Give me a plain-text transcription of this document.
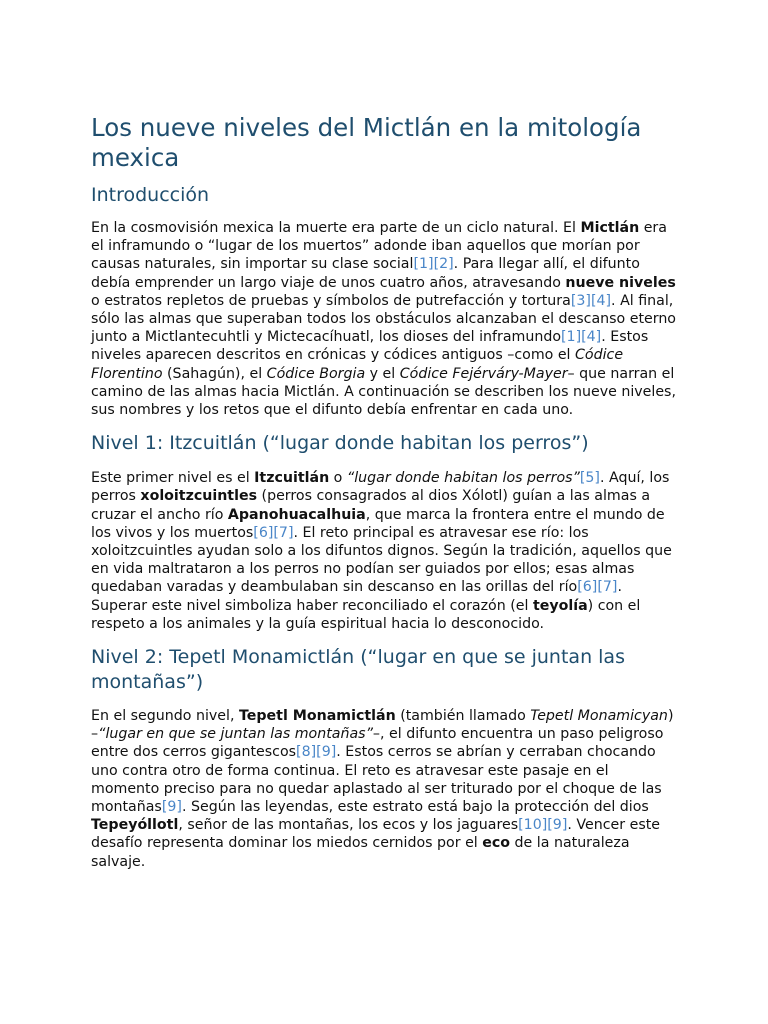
Los nueve niveles del Mictlán en la mitología mexica
Introducción

En la cosmovisión mexica la muerte era parte de un ciclo natural. El Mictlán era el inframundo o “lugar de los muertos” adonde iban aquellos que morían por causas naturales, sin importar su clase social[1][2]. Para llegar allí, el difunto debía emprender un largo viaje de unos cuatro años, atravesando nueve niveles o estratos repletos de pruebas y símbolos de putrefacción y tortura[3][4]. Al final, sólo las almas que superaban todos los obstáculos alcanzaban el descanso eterno junto a Mictlantecuhtli y Mictecacíhuatl, los dioses del inframundo[1][4]. Estos niveles aparecen descritos en crónicas y códices antiguos –como el Códice Florentino (Sahagún), el Códice Borgia y el Códice Fejérváry-Mayer– que narran el camino de las almas hacia Mictlán. A continuación se describen los nueve niveles, sus nombres y los retos que el difunto debía enfrentar en cada uno.

Nivel 1: Itzcuitlán (“lugar donde habitan los perros”)

Este primer nivel es el Itzcuitlán o “lugar donde habitan los perros”[5]. Aquí, los perros xoloitzcuintles (perros consagrados al dios Xólotl) guían a las almas a cruzar el ancho río Apanohuacalhuia, que marca la frontera entre el mundo de los vivos y los muertos[6][7]. El reto principal es atravesar ese río: los xoloitzcuintles ayudan solo a los difuntos dignos. Según la tradición, aquellos que en vida maltrataron a los perros no podían ser guiados por ellos; esas almas quedaban varadas y deambulaban sin descanso en las orillas del río[6][7]. Superar este nivel simboliza haber reconciliado el corazón (el teyolía) con el respeto a los animales y la guía espiritual hacia lo desconocido.

Nivel 2: Tepetl Monamictlán (“lugar en que se juntan las montañas”)

En el segundo nivel, Tepetl Monamictlán (también llamado Tepetl Monamicyan) –“lugar en que se juntan las montañas”–, el difunto encuentra un paso peligroso entre dos cerros gigantescos[8][9]. Estos cerros se abrían y cerraban chocando uno contra otro de forma continua. El reto es atravesar este pasaje en el momento preciso para no quedar aplastado al ser triturado por el choque de las montañas[9]. Según las leyendas, este estrato está bajo la protección del dios Tepeyóllotl, señor de las montañas, los ecos y los jaguares[10][9]. Vencer este desafío representa dominar los miedos cernidos por el eco de la naturaleza salvaje.
